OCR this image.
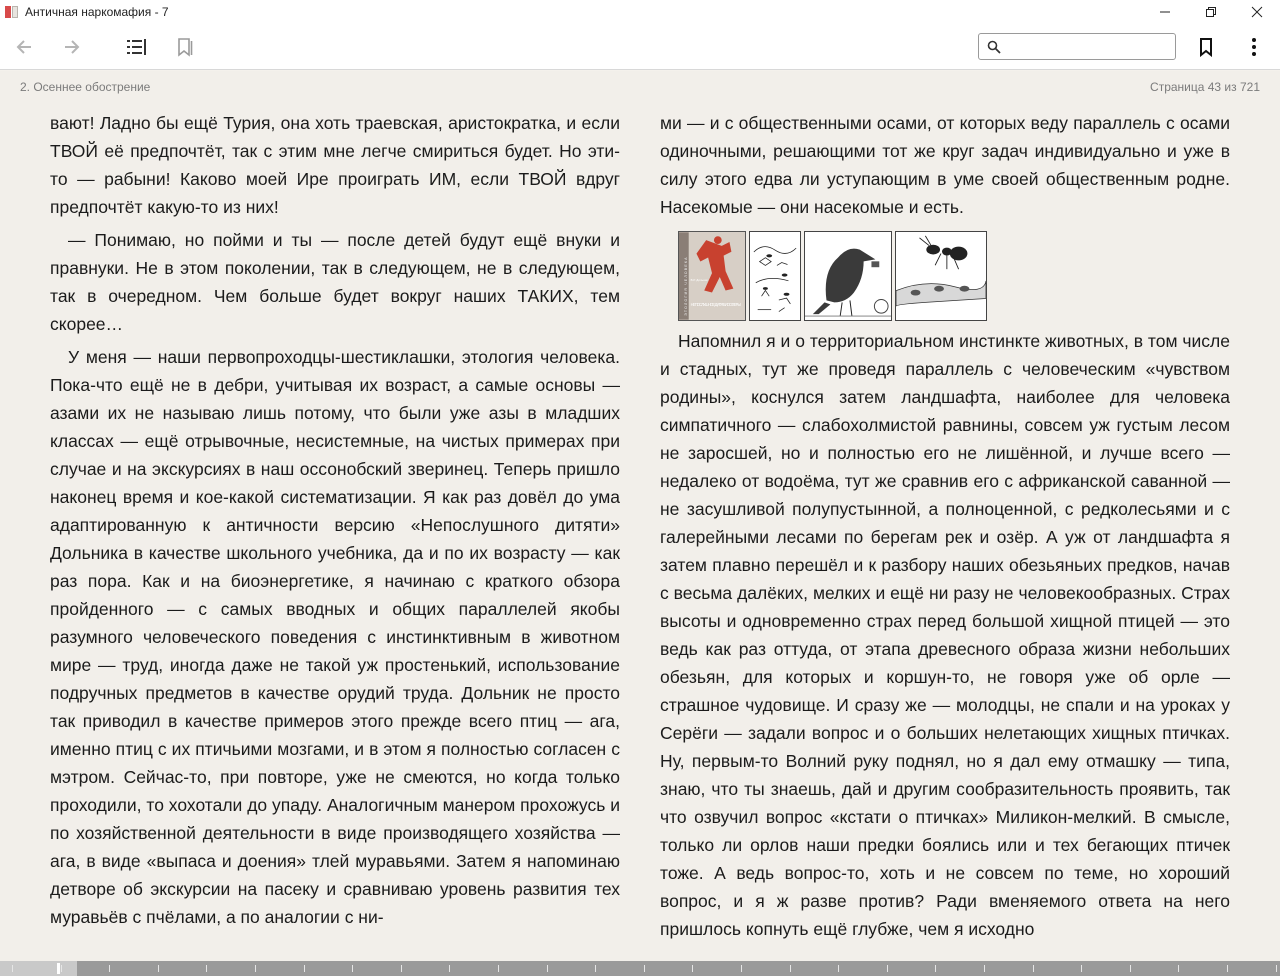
Античная наркомафия - 7
2. Осеннее обострение	Страница 43 из 721

вают! Ладно бы ещё Турия, она хоть траевская, аристократка, и если ТВОЙ её предпочтёт, так с этим мне легче смириться будет. Но эти-то — рабыни! Каково моей Ире проиграть ИМ, если ТВОЙ вдруг предпочтёт какую-то из них!

— Понимаю, но пойми и ты — после детей будут ещё внуки и правнуки. Не в этом поколении, так в следующем, не в следующем, так в очередном. Чем больше будет вокруг наших ТАКИХ, тем скорее…

У меня — наши первопроходцы-шестиклашки, этология человека. Пока-что ещё не в дебри, учитывая их возраст, а самые основы — азами их не называю лишь потому, что были уже азы в младших классах — ещё отрывочные, несистемные, на чистых примерах при случае и на экскурсиях в наш оссонобский зверинец. Теперь пришло наконец время и кое-какой систематизации. Я как раз довёл до ума адаптированную к античности версию «Непослушного дитяти» Дольника в качестве школьного учебника, да и по их возрасту — как раз пора. Как и на биоэнергетике, я начинаю с краткого обзора пройденного — с самых вводных и общих параллелей якобы разумного человеческого поведения с инстинктивным в животном мире — труд, иногда даже не такой уж простенький, использование подручных предметов в качестве орудий труда. Дольник не просто так приводил в качестве примеров этого прежде всего птиц — ага, именно птиц с их птичьими мозгами, и в этом я полностью согласен с мэтром. Сейчас-то, при повторе, уже не смеются, но когда только проходили, то хохотали до упаду. Аналогичным манером прохожусь и по хозяйственной деятельности в виде производящего хозяйства — ага, в виде «выпаса и доения» тлей муравьями. Затем я напоминаю детворе об экскурсии на пасеку и сравниваю уровень развития тех муравьёв с пчёлами, а по аналогии с ни-

ми — и с общественными осами, от которых веду параллель с осами одиночными, решающими тот же круг задач индивидуально и уже в силу этого едва ли уступающим в уме своей общественным родне. Насекомые — они насекомые и есть.

В.Р. Дольник
НЕПОСЛУШНОЕ ДИТЯ БИОСФЕРЫ
ЭТОЛОГИЯ ЧЕЛОВЕКА

Напомнил я и о территориальном инстинкте животных, в том числе и стадных, тут же проведя параллель с человеческим «чувством родины», коснулся затем ландшафта, наиболее для человека симпатичного — слабохолмистой равнины, совсем уж густым лесом не заросшей, но и полностью его не лишённой, и лучше всего — недалеко от водоёма, тут же сравнив его с африканской саванной — не засушливой полупустынной, а полноценной, с редколесьями и с галерейными лесами по берегам рек и озёр. А уж от ландшафта я затем плавно перешёл и к разбору наших обезьяньих предков, начав с весьма далёких, мелких и ещё ни разу не человекообразных. Страх высоты и одновременно страх перед большой хищной птицей — это ведь как раз оттуда, от этапа древесного образа жизни небольших обезьян, для которых и коршун-то, не говоря уже об орле — страшное чудовище. И сразу же — молодцы, не спали и на уроках у Серёги — задали вопрос и о больших нелетающих хищных птичках. Ну, первым-то Волний руку поднял, но я дал ему отмашку — типа, знаю, что ты знаешь, дай и другим сообразительность проявить, так что озвучил вопрос «кстати о птичках» Миликон-мелкий. В смысле, только ли орлов наши предки боялись или и тех бегающих птичек тоже. А ведь вопрос-то, хоть и не совсем по теме, но хороший вопрос, и я ж разве против? Ради вменяемого ответа на него пришлось копнуть ещё глубже, чем я исходно
